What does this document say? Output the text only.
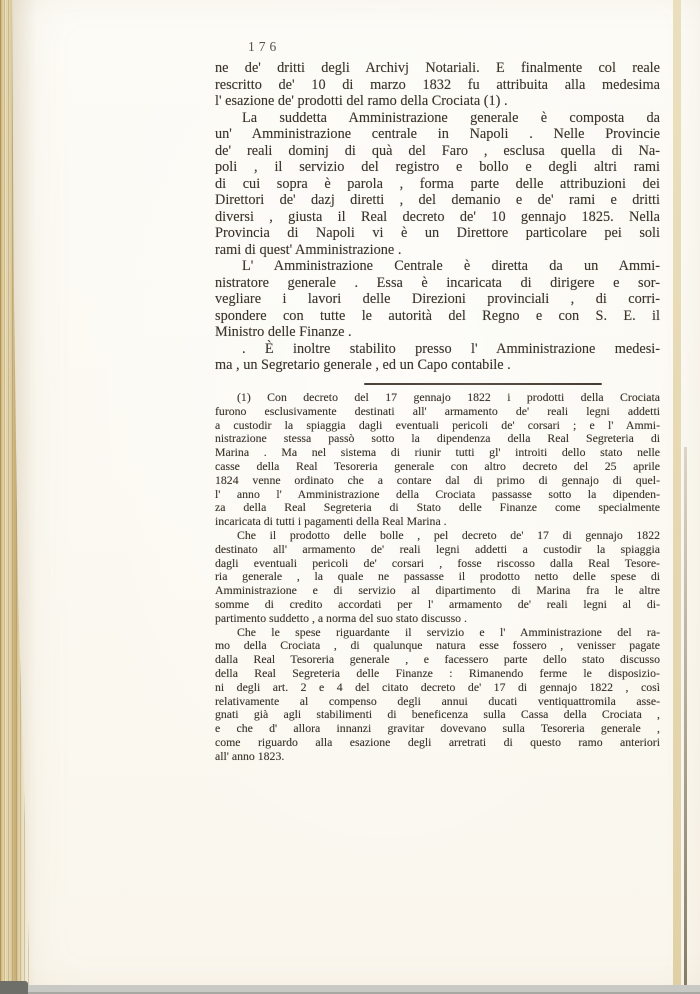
176
ne de' dritti degli Archivj Notariali. E finalmente col reale
rescritto de' 10 di marzo 1832 fu attribuita alla medesima
l' esazione de' prodotti del ramo della Crociata (1) .
La suddetta Amministrazione generale è composta da
un' Amministrazione centrale in Napoli . Nelle Provincie
de' reali dominj di quà del Faro , esclusa quella di Na-
poli , il servizio del registro e bollo e degli altri rami
di cui sopra è parola , forma parte delle attribuzioni dei
Direttori de' dazj diretti , del demanio e de' rami e dritti
diversi , giusta il Real decreto de' 10 gennajo 1825. Nella
Provincia di Napoli vi è un Direttore particolare pei soli
rami di quest' Amministrazione .
L' Amministrazione Centrale è diretta da un Ammi-
nistratore generale . Essa è incaricata di dirigere e sor-
vegliare i lavori delle Direzioni provinciali , di corri-
spondere con tutte le autorità del Regno e con S. E. il
Ministro delle Finanze .
. È inoltre stabilito presso l' Amministrazione medesi-
ma , un Segretario generale , ed un Capo contabile .
(1) Con decreto del 17 gennajo 1822 i prodotti della Crociata
furono esclusivamente destinati all' armamento de' reali legni addetti
a custodir la spiaggia dagli eventuali pericoli de' corsari ; e l' Ammi-
nistrazione stessa passò sotto la dipendenza della Real Segreteria di
Marina . Ma nel sistema di riunir tutti gl' introiti dello stato nelle
casse della Real Tesoreria generale con altro decreto del 25 aprile
1824 venne ordinato che a contare dal di primo di gennajo di quel-
l' anno l' Amministrazione della Crociata passasse sotto la dipenden-
za della Real Segreteria di Stato delle Finanze come specialmente
incaricata di tutti i pagamenti della Real Marina .
Che il prodotto delle bolle , pel decreto de' 17 di gennajo 1822
destinato all' armamento de' reali legni addetti a custodir la spiaggia
dagli eventuali pericoli de' corsari , fosse riscosso dalla Real Tesore-
ria generale , la quale ne passasse il prodotto netto delle spese di
Amministrazione e di servizio al dipartimento di Marina fra le altre
somme di credito accordati per l' armamento de' reali legni al di-
partimento suddetto , a norma del suo stato discusso .
Che le spese riguardante il servizio e l' Amministrazione del ra-
mo della Crociata , di qualunque natura esse fossero , venisser pagate
dalla Real Tesoreria generale , e facessero parte dello stato discusso
della Real Segreteria delle Finanze : Rimanendo ferme le disposizio-
ni degli art. 2 e 4 del citato decreto de' 17 di gennajo 1822 , così
relativamente al compenso degli annui ducati ventiquattromila asse-
gnati già agli stabilimenti di beneficenza sulla Cassa della Crociata ,
e che d' allora innanzi gravitar dovevano sulla Tesoreria generale ,
come riguardo alla esazione degli arretrati di questo ramo anteriori
all' anno 1823.
